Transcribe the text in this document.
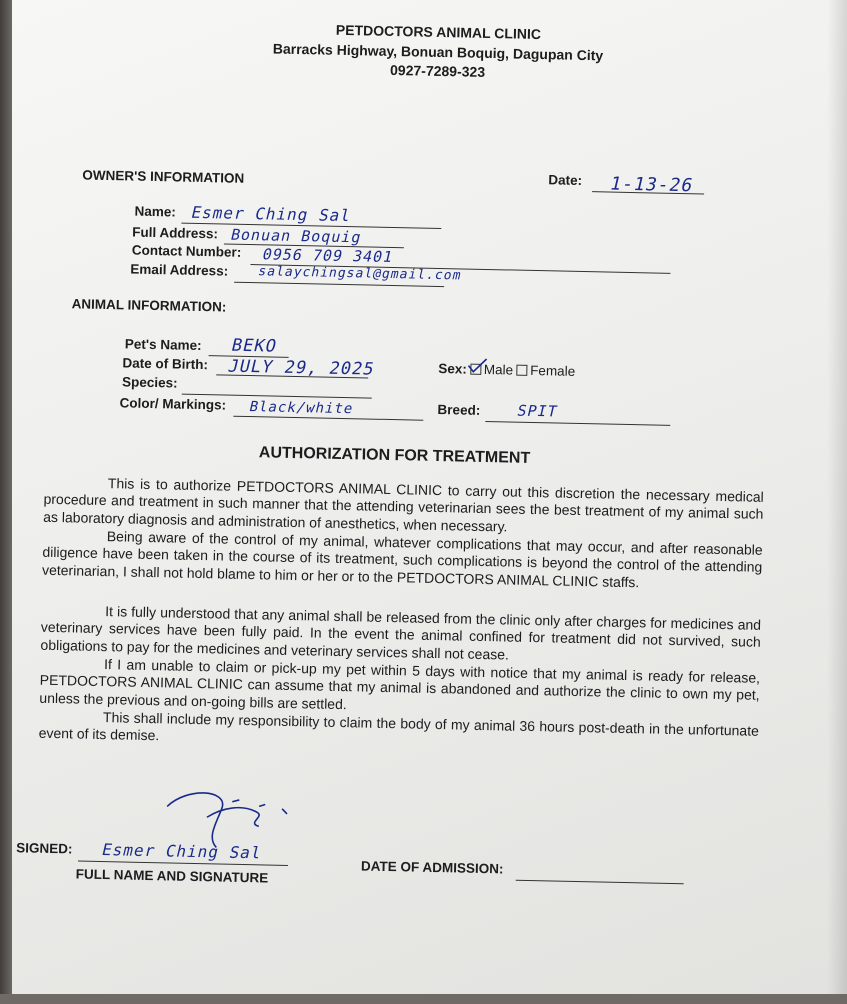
PETDOCTORS ANIMAL CLINIC
Barracks Highway, Bonuan Boquig, Dagupan City
0927-7289-323
OWNER'S INFORMATION	Date: 1-13-26
Name: Esmer Ching Sal
Full Address: Bonuan Boquig
Contact Number: 0956 709 3401
Email Address: salaychingsal@gmail.com
ANIMAL INFORMATION:
Pet's Name: BEKO
Date of Birth: JULY 29, 2025
Species:
Sex: Male Female
Color/ Markings: Black/white	Breed: SPIT
AUTHORIZATION FOR TREATMENT

This is to authorize PETDOCTORS ANIMAL CLINIC to carry out this discretion the necessary medical procedure and treatment in such manner that the attending veterinarian sees the best treatment of my animal such as laboratory diagnosis and administration of anesthetics, when necessary.

Being aware of the control of my animal, whatever complications that may occur, and after reasonable diligence have been taken in the course of its treatment, such complications is beyond the control of the attending veterinarian, I shall not hold blame to him or her or to the PETDOCTORS ANIMAL CLINIC staffs.

It is fully understood that any animal shall be released from the clinic only after charges for medicines and veterinary services have been fully paid. In the event the animal confined for treatment did not survived, such obligations to pay for the medicines and veterinary services shall not cease.

If I am unable to claim or pick-up my pet within 5 days with notice that my animal is ready for release, PETDOCTORS ANIMAL CLINIC can assume that my animal is abandoned and authorize the clinic to own my pet, unless the previous and on-going bills are settled.

This shall include my responsibility to claim the body of my animal 36 hours post-death in the unfortunate event of its demise.

SIGNED: Esmer Ching Sal
FULL NAME AND SIGNATURE	DATE OF ADMISSION:
